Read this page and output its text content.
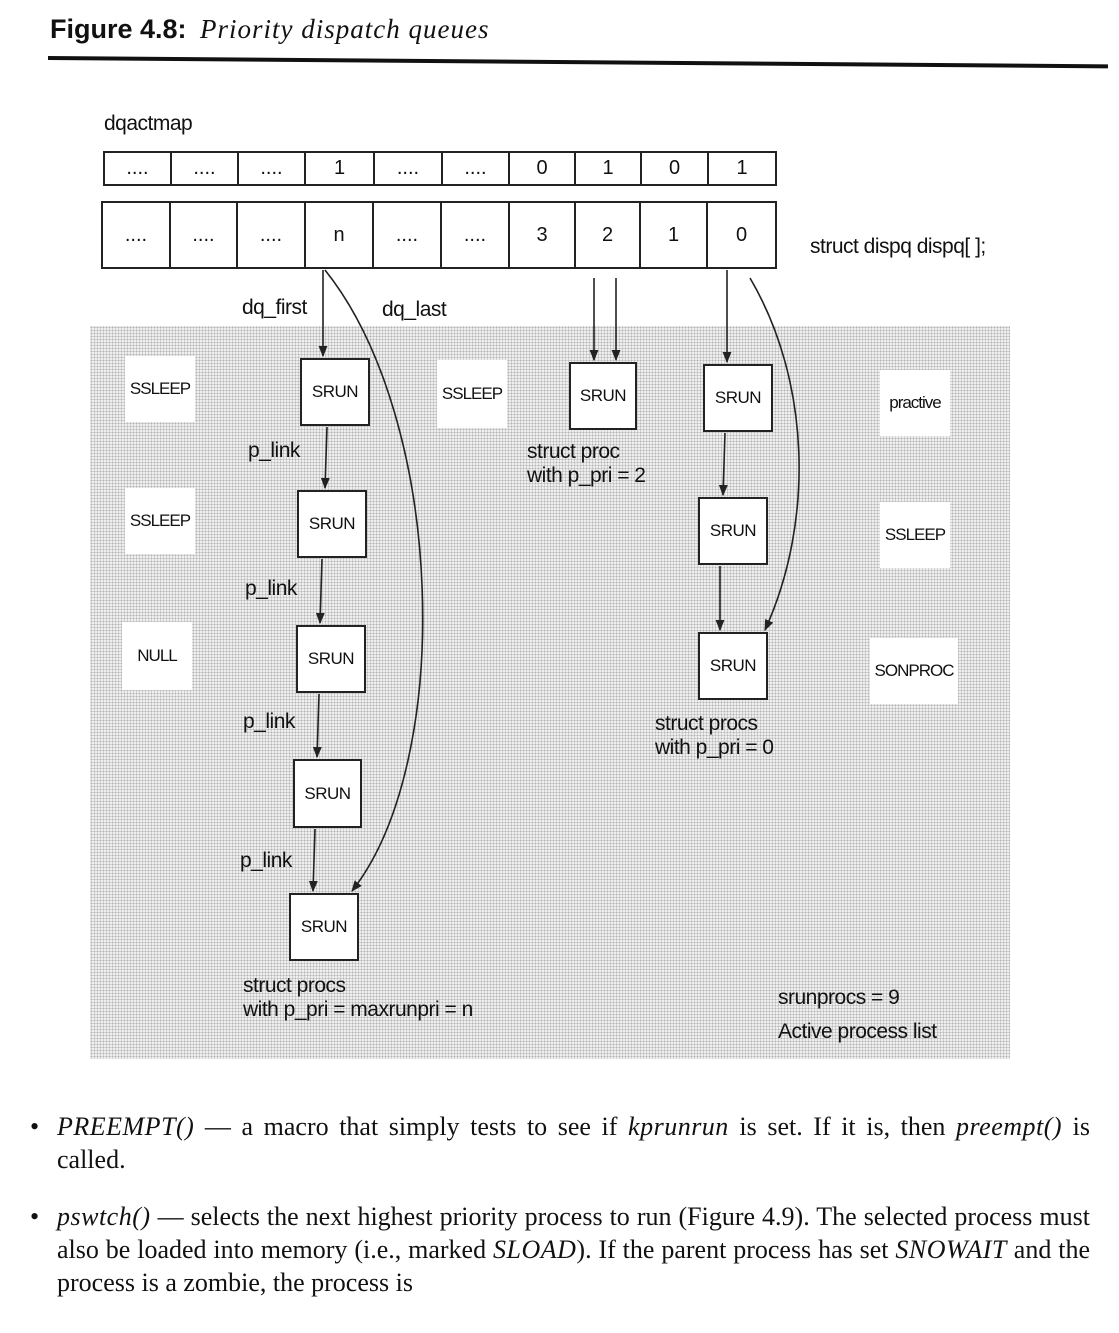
Figure 4.8: Priority dispatch queues
dqactmap
....	....	....	1	....	....	0	1	0	1
....	....	....	n	....	....	3	2	1	0
struct dispq dispq[ ];
dq_first	dq_last
SSLEEP
SSLEEP
NULL
SSLEEP	practive
SSLEEP
SONPROC
SRUN
SRUN
SRUN
SRUN
SRUN
SRUN	SRUN
SRUN
SRUN
p_link
p_link
p_link
p_link
struct proc
with p_pri = 2
struct procs
with p_pri = 0
struct procs
with p_pri = maxrunpri = n
srunprocs = 9
Active process list
• PREEMPT() — a macro that simply tests to see if kprunrun is set. If it is, then preempt() is called.
• pswtch() — selects the next highest priority process to run (Figure 4.9). The selected process must also be loaded into memory (i.e., marked SLOAD). If the parent process has set SNOWAIT and the process is a zombie, the process is
